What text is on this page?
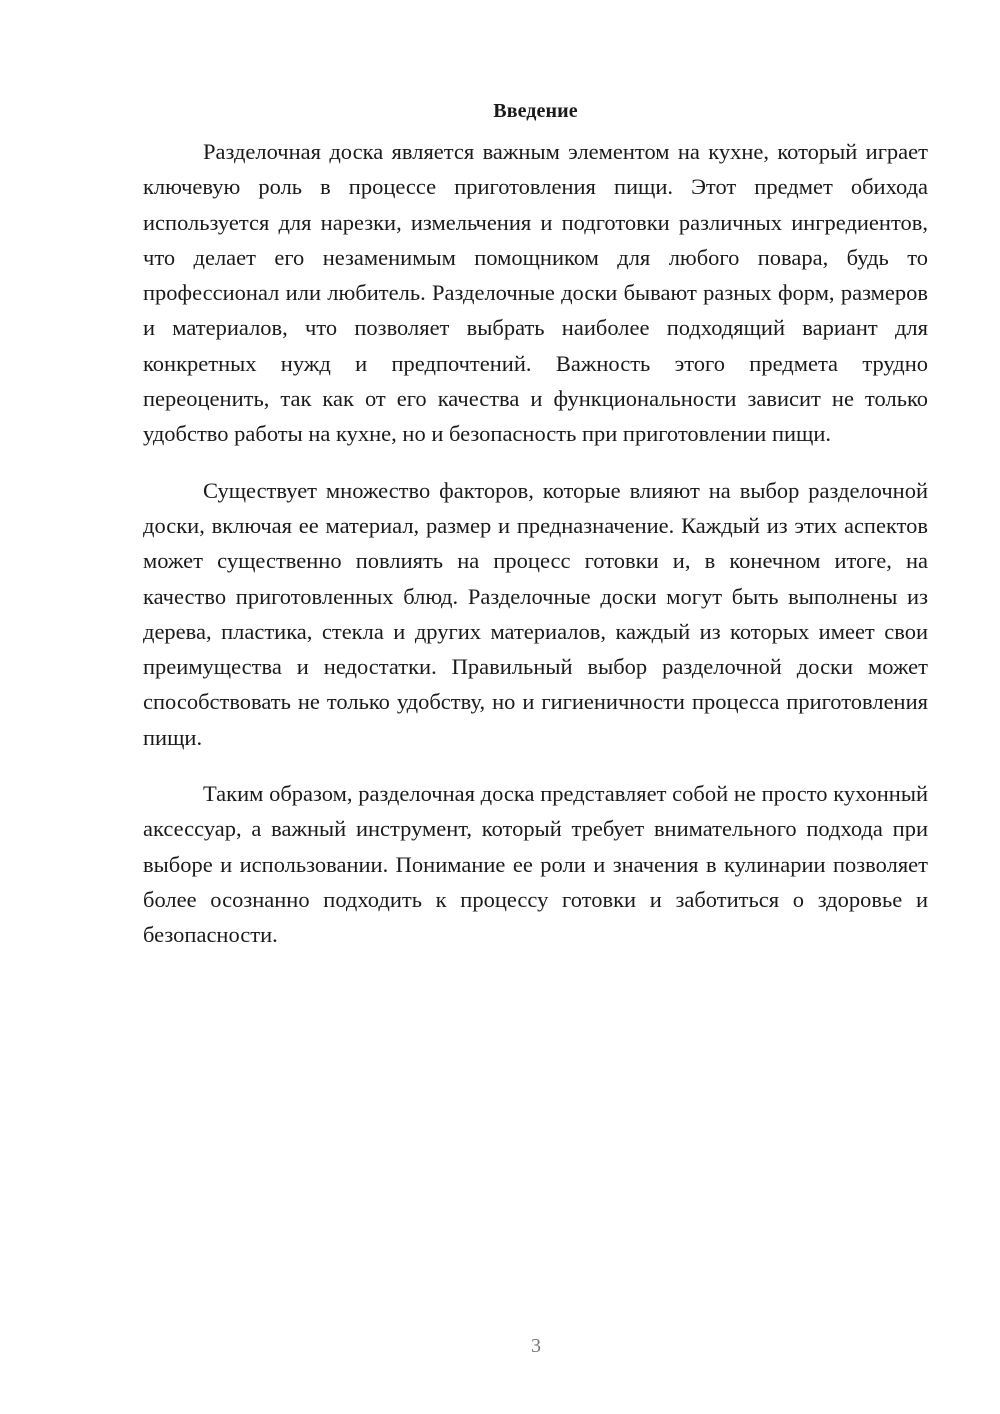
Введение

Разделочная доска является важным элементом на кухне, который играет ключевую роль в процессе приготовления пищи. Этот предмет обихода используется для нарезки, измельчения и подготовки различных ингредиентов, что делает его незаменимым помощником для любого повара, будь то профессионал или любитель. Разделочные доски бывают разных форм, размеров и материалов, что позволяет выбрать наиболее подходящий вариант для конкретных нужд и предпочтений. Важность этого предмета трудно переоценить, так как от его качества и функциональности зависит не только удобство работы на кухне, но и безопасность при приготовлении пищи.

Существует множество факторов, которые влияют на выбор разделочной доски, включая ее материал, размер и предназначение. Каждый из этих аспектов может существенно повлиять на процесс готовки и, в конечном итоге, на качество приготовленных блюд. Разделочные доски могут быть выполнены из дерева, пластика, стекла и других материалов, каждый из которых имеет свои преимущества и недостатки. Правильный выбор разделочной доски может способствовать не только удобству, но и гигиеничности процесса приготовления пищи.

Таким образом, разделочная доска представляет собой не просто кухонный аксессуар, а важный инструмент, который требует внимательного подхода при выборе и использовании. Понимание ее роли и значения в кулинарии позволяет более осознанно подходить к процессу готовки и заботиться о здоровье и безопасности.

3
